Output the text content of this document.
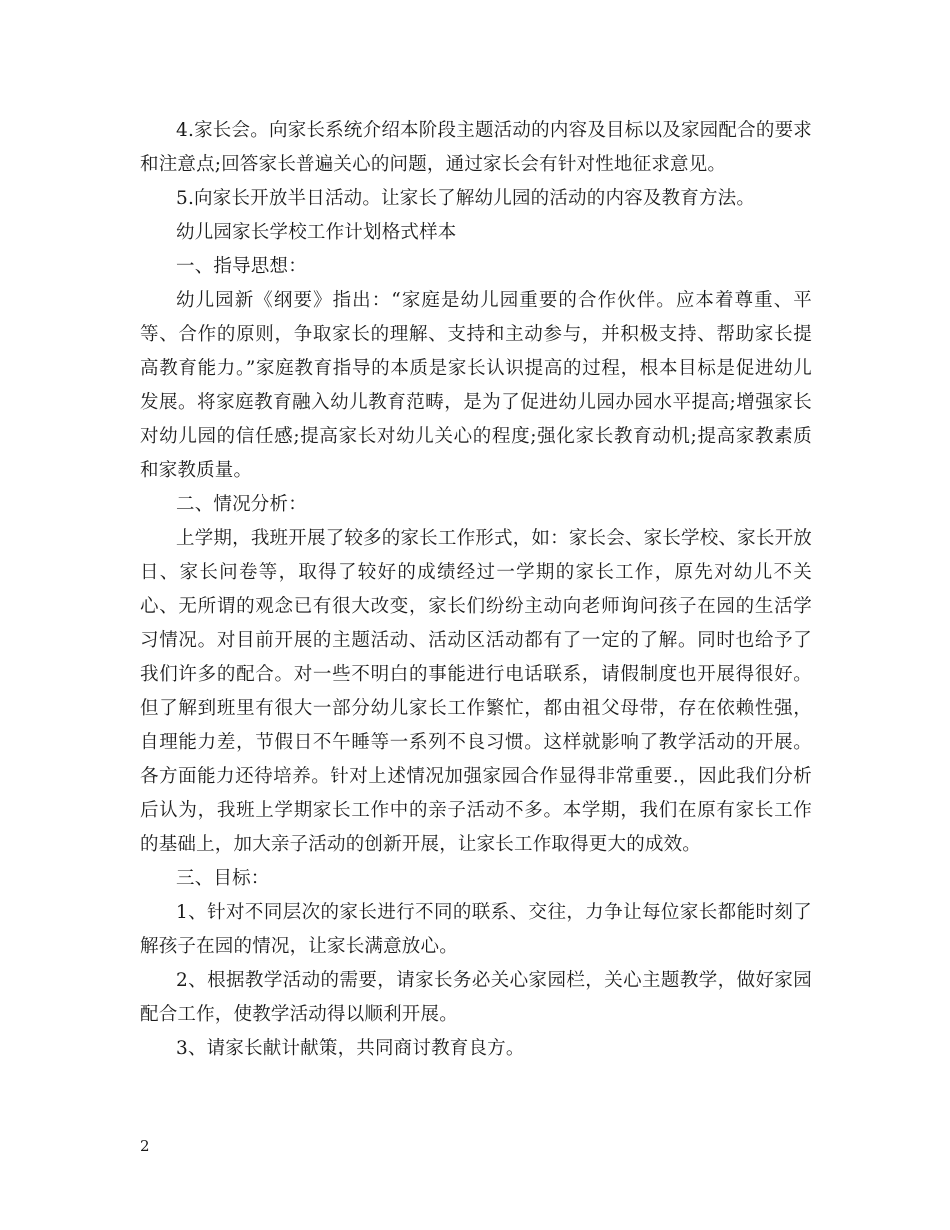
4.家长会。向家长系统介绍本阶段主题活动的内容及目标以及家园配合的要求和注意点;回答家长普遍关心的问题，通过家长会有针对性地征求意见。

5.向家长开放半日活动。让家长了解幼儿园的活动的内容及教育方法。

幼儿园家长学校工作计划格式样本

一、指导思想：

幼儿园新《纲要》指出：“家庭是幼儿园重要的合作伙伴。应本着尊重、平等、合作的原则，争取家长的理解、支持和主动参与，并积极支持、帮助家长提高教育能力。”家庭教育指导的本质是家长认识提高的过程，根本目标是促进幼儿发展。将家庭教育融入幼儿教育范畴，是为了促进幼儿园办园水平提高;增强家长对幼儿园的信任感;提高家长对幼儿关心的程度;强化家长教育动机;提高家教素质和家教质量。

二、情况分析：

上学期，我班开展了较多的家长工作形式，如：家长会、家长学校、家长开放日、家长问卷等，取得了较好的成绩经过一学期的家长工作，原先对幼儿不关心、无所谓的观念已有很大改变，家长们纷纷主动向老师询问孩子在园的生活学习情况。对目前开展的主题活动、活动区活动都有了一定的了解。同时也给予了我们许多的配合。对一些不明白的事能进行电话联系，请假制度也开展得很好。但了解到班里有很大一部分幼儿家长工作繁忙，都由祖父母带，存在依赖性强，自理能力差，节假日不午睡等一系列不良习惯。这样就影响了教学活动的开展。各方面能力还待培养。针对上述情况加强家园合作显得非常重要.，因此我们分析后认为，我班上学期家长工作中的亲子活动不多。本学期，我们在原有家长工作的基础上，加大亲子活动的创新开展，让家长工作取得更大的成效。

三、目标：

1、针对不同层次的家长进行不同的联系、交往，力争让每位家长都能时刻了解孩子在园的情况，让家长满意放心。

2、根据教学活动的需要，请家长务必关心家园栏，关心主题教学，做好家园配合工作，使教学活动得以顺利开展。

3、请家长献计献策，共同商讨教育良方。

2
